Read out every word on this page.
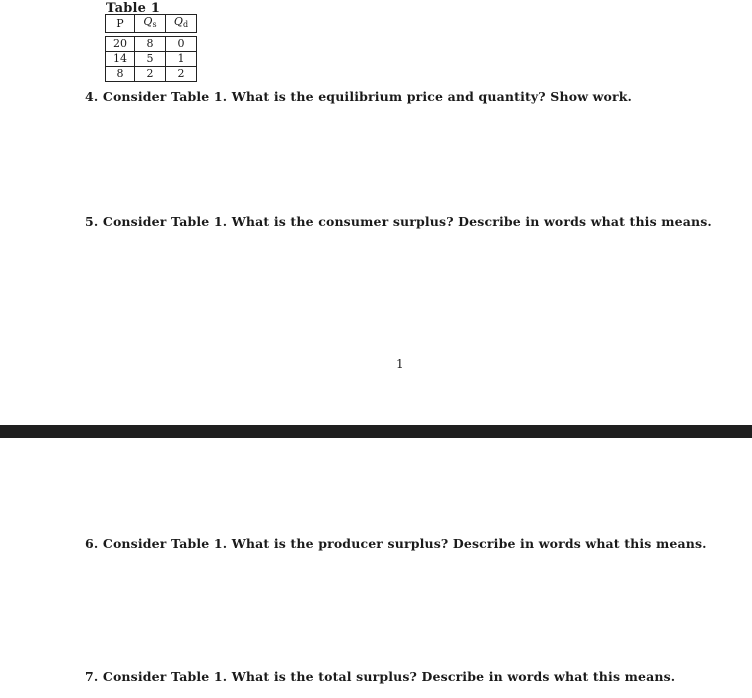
Table 1
P	$Q_s$	$Q_d$

20	8	0
14	5	1
8	2	2
4. Consider Table 1. What is the equilibrium price and quantity? Show work.
5. Consider Table 1. What is the consumer surplus? Describe in words what this means.
1
6. Consider Table 1. What is the producer surplus? Describe in words what this means.
7. Consider Table 1. What is the total surplus? Describe in words what this means.
